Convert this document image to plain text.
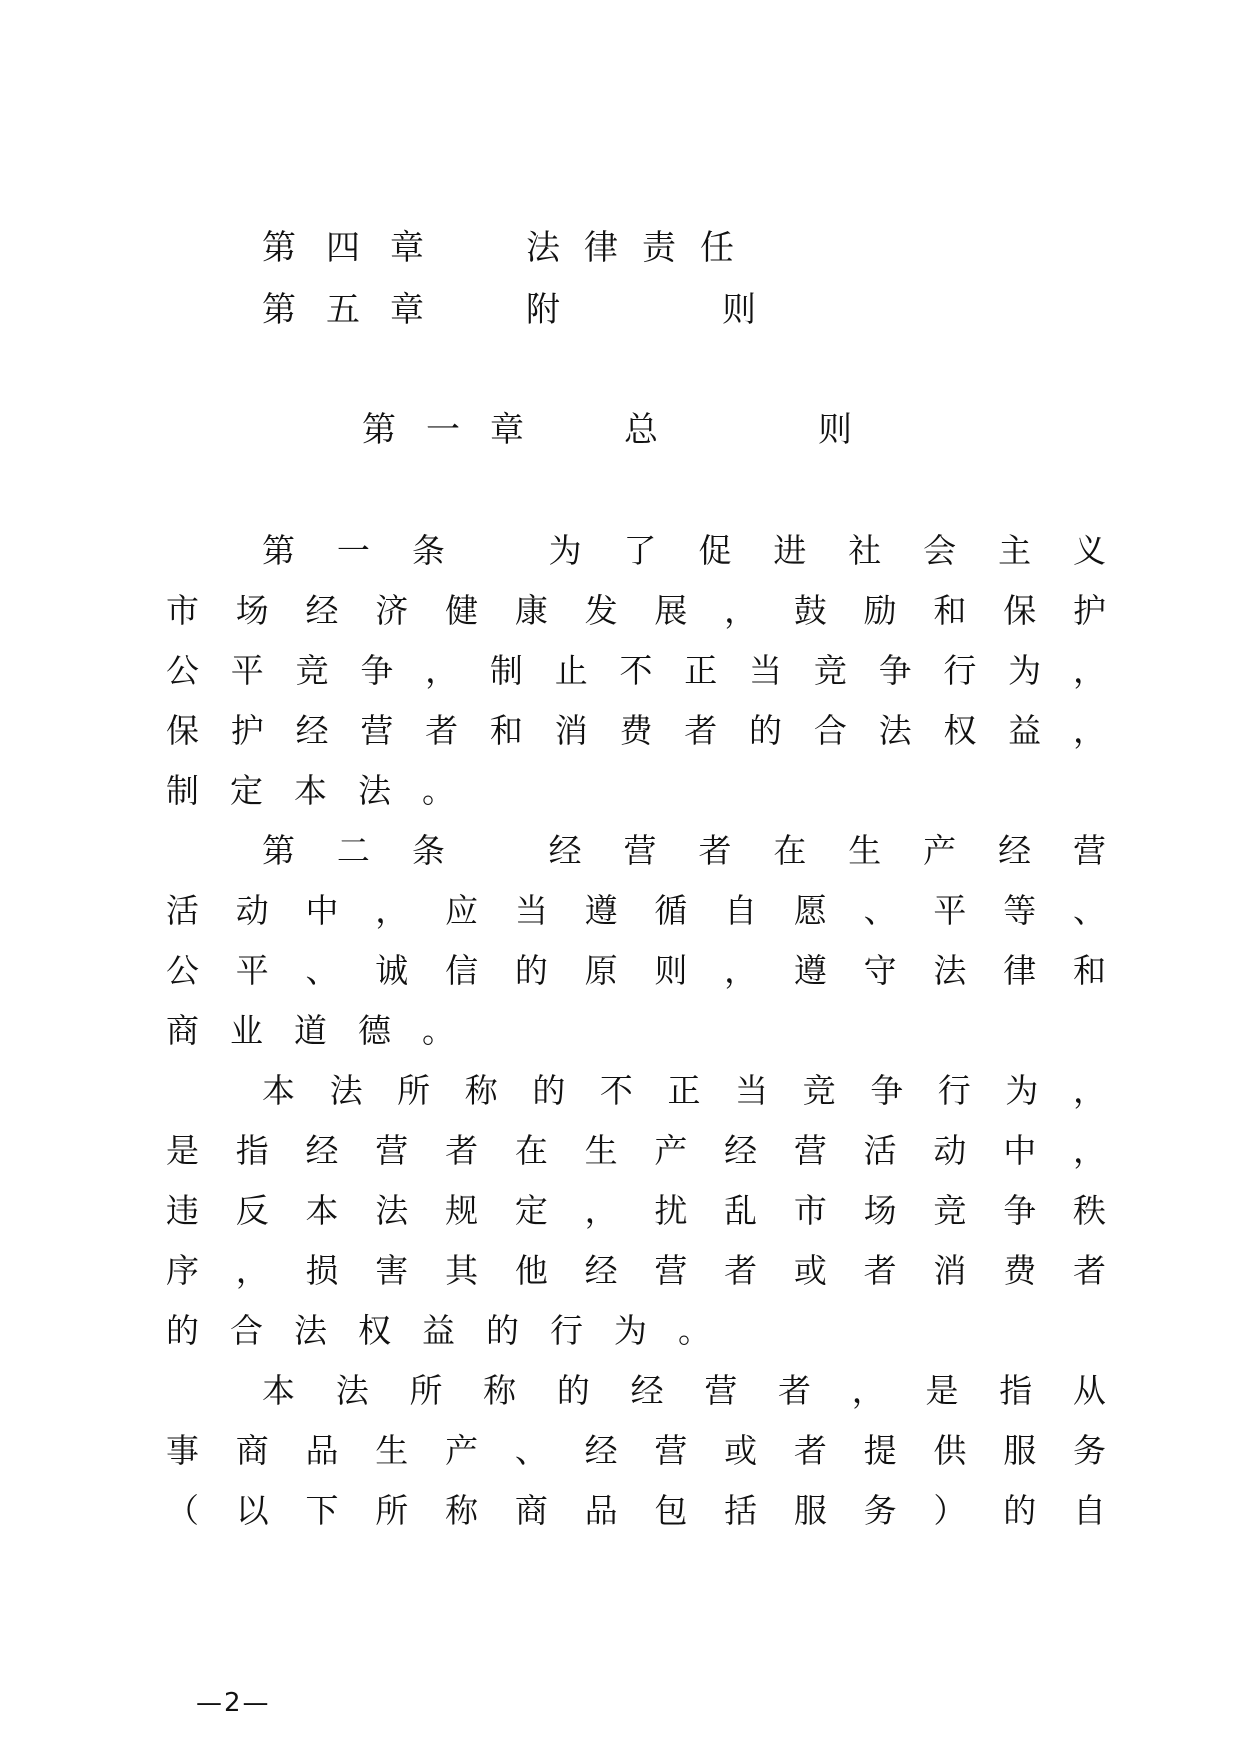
第四章 法律责任
第五章 附	则
第一章 总	则
第 一 条	为 了 促 进 社 会 主 义
市 场 经 济 健 康 发 展 ， 鼓 励 和 保 护
公 平 竞 争 ， 制 止 不 正 当 竞 争 行 为 ，
保 护 经 营 者 和 消 费 者 的 合 法 权 益 ，
制 定 本 法 。
第 二 条	经 营 者 在 生 产 经 营
活 动 中 ， 应 当 遵 循 自 愿 、 平 等 、
公 平 、 诚 信 的 原 则 ， 遵 守 法 律 和
商 业 道 德 。
本 法 所 称 的 不 正 当 竞 争 行 为 ，
是 指 经 营 者 在 生 产 经 营 活 动 中 ，
违 反 本 法 规 定 ， 扰 乱 市 场 竞 争 秩
序 ， 损 害 其 他 经 营 者 或 者 消 费 者
的 合 法 权 益 的 行 为 。
本 法 所 称 的 经 营 者 ， 是 指 从
事 商 品 生 产 、 经 营 或 者 提 供 服 务
（ 以 下 所 称 商 品 包 括 服 务 ） 的 自
—2—
